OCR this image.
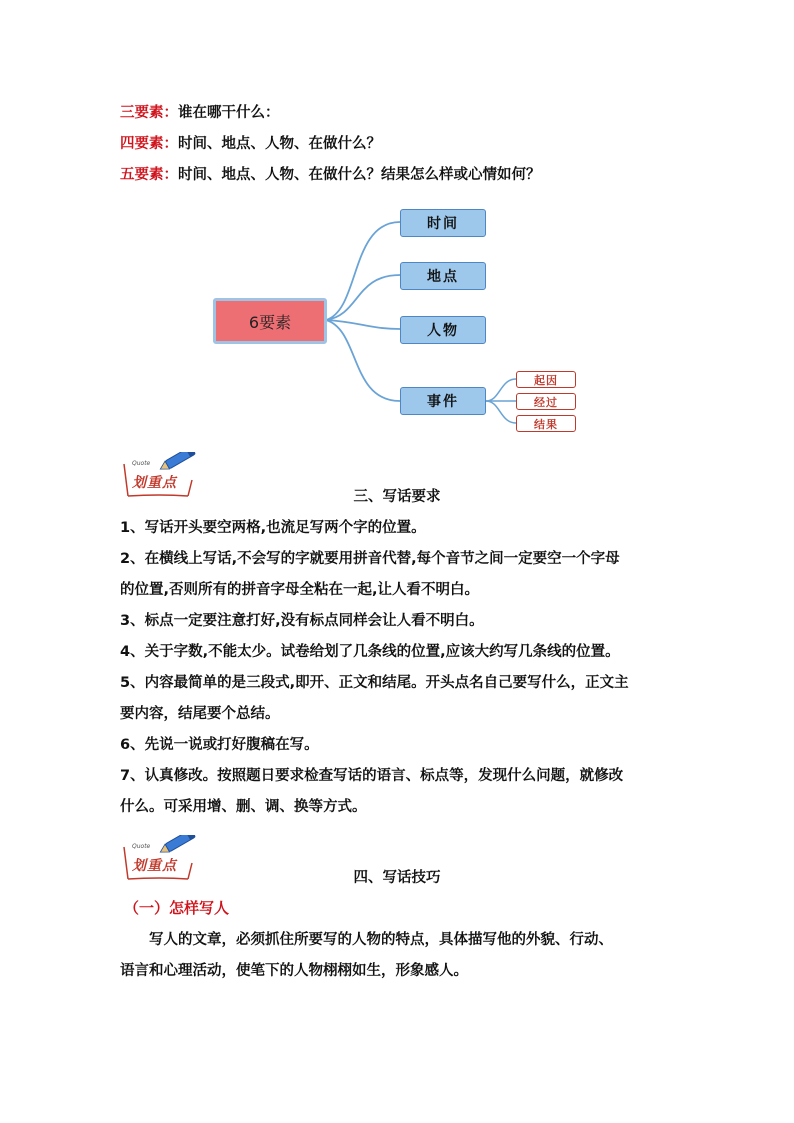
三要素：谁在哪干什么：
四要素：时间、地点、人物、在做什么？
五要素：时间、地点、人物、在做什么？结果怎么样或心情如何？
6要素
时间
地点
人物
事件
起因
经过
结果
Quote
划重点
三、写话要求

1、写话开头要空两格,也流足写两个字的位置。

2、在横线上写话,不会写的字就要用拼音代替,每个音节之间一定要空一个字母

的位置,否则所有的拼音字母全粘在一起,让人看不明白。

3、标点一定要注意打好,没有标点同样会让人看不明白。

4、关于字数,不能太少。试卷给划了几条线的位置,应该大约写几条线的位置。

5、内容最简单的是三段式,即开、正文和结尾。开头点名自己要写什么，正文主

要内容，结尾要个总结。

6、先说一说或打好腹稿在写。

7、认真修改。按照题日要求检查写话的语言、标点等，发现什么问题，就修改

什么。可采用增、删、调、换等方式。

Quote
划重点
四、写话技巧
（一）怎样写人
写人的文章，必须抓住所要写的人物的特点，具体描写他的外貌、行动、
语言和心理活动，使笔下的人物栩栩如生，形象感人。
